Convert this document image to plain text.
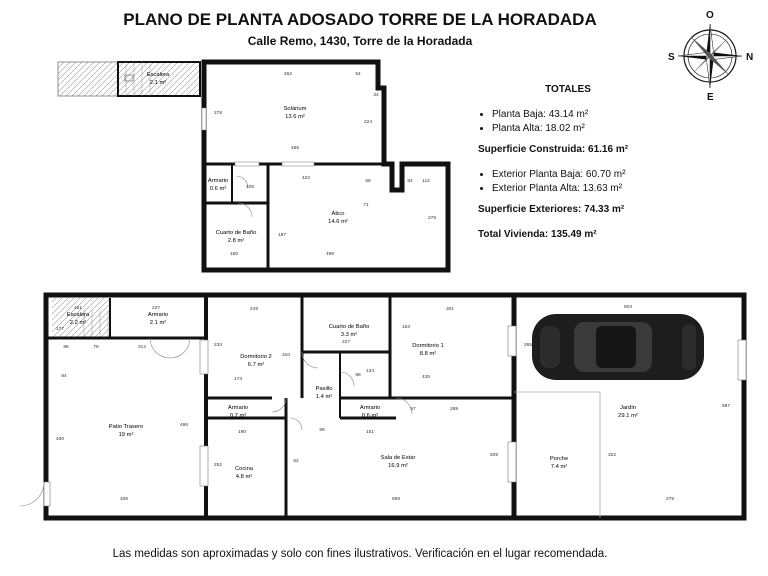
PLANO DE PLANTA ADOSADO TORRE DE LA HORADADA
Calle Remo, 1430, Torre de la Horadada
O
S	N
E
TOTALES
• Planta Baja: 43.14 m²
• Planta Alta: 18.02 m²
Superficie Construida: 61.16 m²
• Exterior Planta Baja: 60.70 m²
• Exterior Planta Alta: 13.63 m²
Superficie Exteriores: 74.33 m²
Total Vivienda: 135.49 m²
Escalera
2.1 m²
Solárium
13.6 m²
Armario
0.6 m²
Ático
14.6 m²
Cuarto de Baño
2.8 m²
462	54
34
278
224
496
422
69	112
64
105
71
187
160	499
278
Escalera
2.2 m²
Armario
2.1 m²
Patio Trasero
19 m²
Dormitorio 2
6.7 m²
Armario
0.7 m²
Cocina
4.8 m²
Cuarto de Baño
3.3 m²
Pasillo
1.4 m²
Armario
0.6 m²
Dormitorio 1
8.8 m²
Sala de Estar
16.9 m²
Porche
7.4 m²
Jardín
29.1 m²
161	237
177
86	78	312
84
400
486
406
249
233
310
173
190
252
227
301
163
98
134
435
57	289
89	151
599
509
62
604
265
322
587
275
Las medidas son aproximadas y solo con fines ilustrativos. Verificación en el lugar recomendada.
